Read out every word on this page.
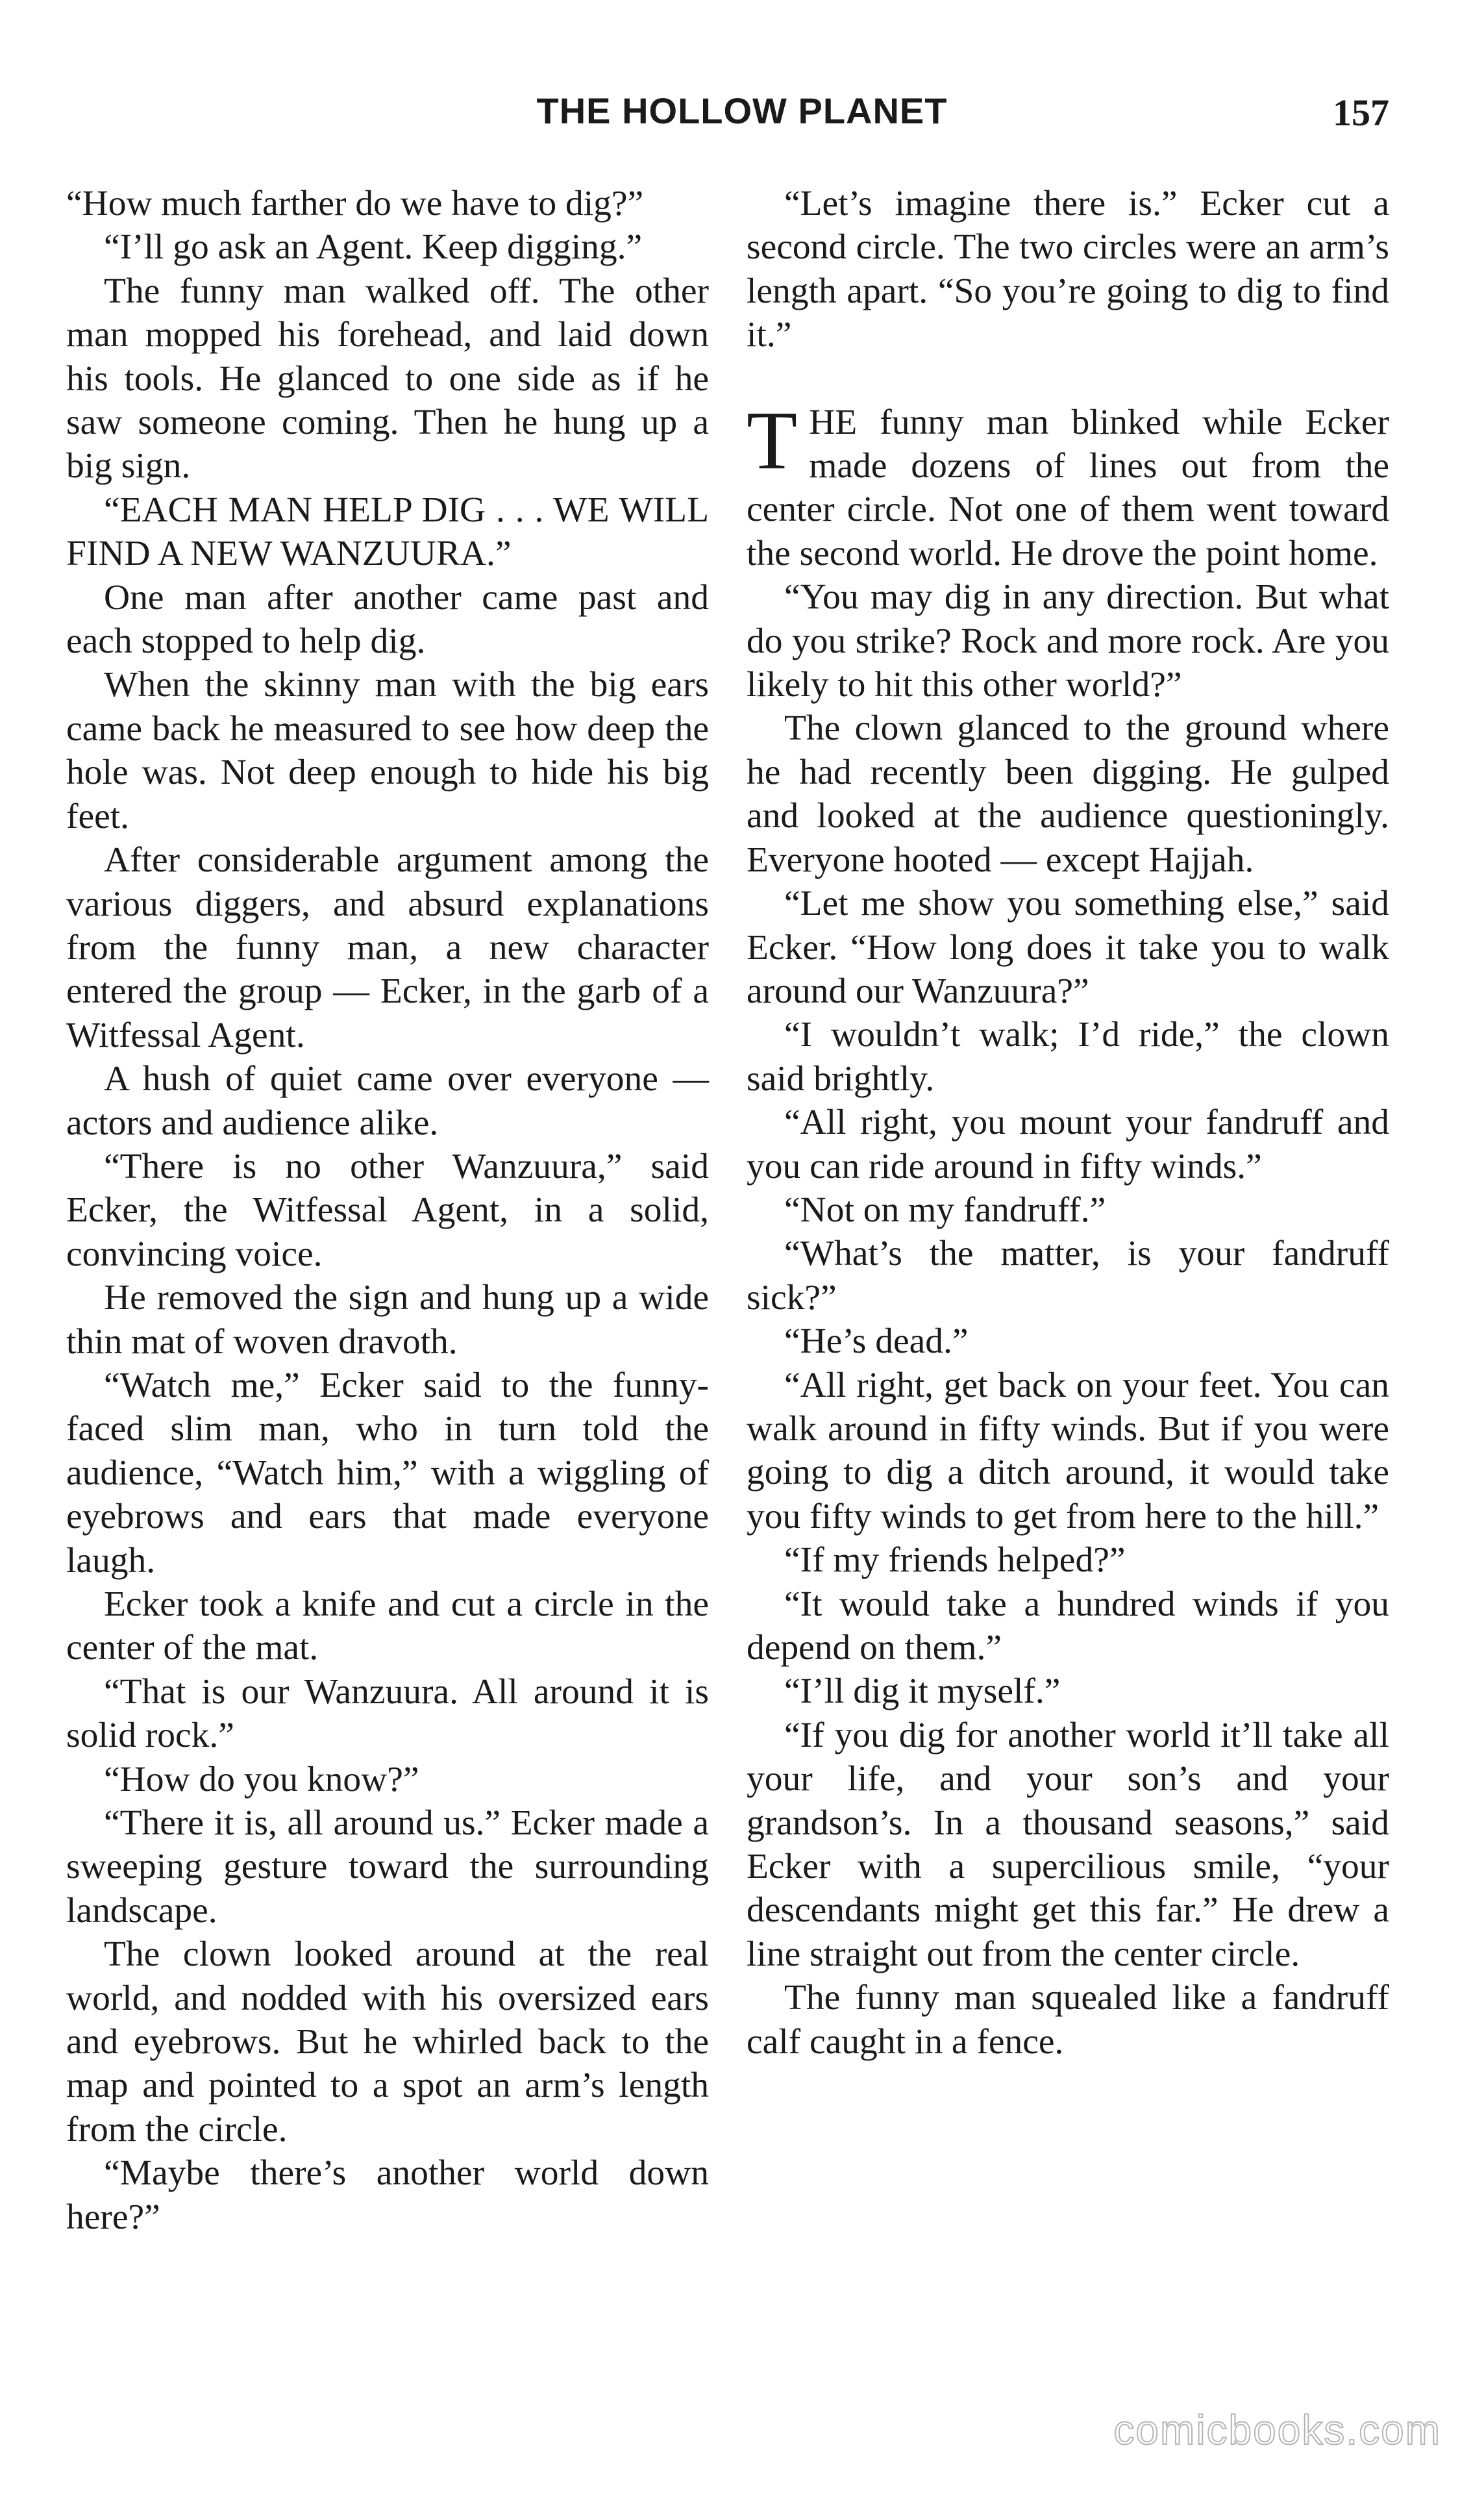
THE HOLLOW PLANET	157

“How much farther do we have to dig?”

“I’ll go ask an Agent. Keep digging.”

The funny man walked off. The other man mopped his forehead, and laid down his tools. He glanced to one side as if he saw someone coming. Then he hung up a big sign.

“EACH MAN HELP DIG . . . WE WILL FIND A NEW WANZUURA.”

One man after another came past and each stopped to help dig.

When the skinny man with the big ears came back he measured to see how deep the hole was. Not deep enough to hide his big feet.

After considerable argument among the various diggers, and absurd explanations from the funny man, a new character entered the group — Ecker, in the garb of a Witfessal Agent.

A hush of quiet came over everyone — actors and audience alike.

“There is no other Wanzuura,” said Ecker, the Witfessal Agent, in a solid, convincing voice.

He removed the sign and hung up a wide thin mat of woven dravoth.

“Watch me,” Ecker said to the funny-faced slim man, who in turn told the audience, “Watch him,” with a wiggling of eyebrows and ears that made everyone laugh.

Ecker took a knife and cut a circle in the center of the mat.

“That is our Wanzuura. All around it is solid rock.”

“How do you know?”

“There it is, all around us.” Ecker made a sweeping gesture toward the surrounding landscape.

The clown looked around at the real world, and nodded with his oversized ears and eyebrows. But he whirled back to the map and pointed to a spot an arm’s length from the circle.

“Maybe there’s another world down here?”

“Let’s imagine there is.” Ecker cut a second circle. The two circles were an arm’s length apart. “So you’re going to dig to find it.”

THE funny man blinked while Ecker made dozens of lines out from the center circle. Not one of them went toward the second world. He drove the point home.

“You may dig in any direction. But what do you strike? Rock and more rock. Are you likely to hit this other world?”

The clown glanced to the ground where he had recently been digging. He gulped and looked at the audience questioningly. Everyone hooted — except Hajjah.

“Let me show you something else,” said Ecker. “How long does it take you to walk around our Wanzuura?”

“I wouldn’t walk; I’d ride,” the clown said brightly.

“All right, you mount your fandruff and you can ride around in fifty winds.”

“Not on my fandruff.”

“What’s the matter, is your fandruff sick?”

“He’s dead.”

“All right, get back on your feet. You can walk around in fifty winds. But if you were going to dig a ditch around, it would take you fifty winds to get from here to the hill.”

“If my friends helped?”

“It would take a hundred winds if you depend on them.”

“I’ll dig it myself.”

“If you dig for another world it’ll take all your life, and your son’s and your grandson’s. In a thousand seasons,” said Ecker with a supercilious smile, “your descendants might get this far.” He drew a line straight out from the center circle.

The funny man squealed like a fandruff calf caught in a fence.

comicbooks.com
